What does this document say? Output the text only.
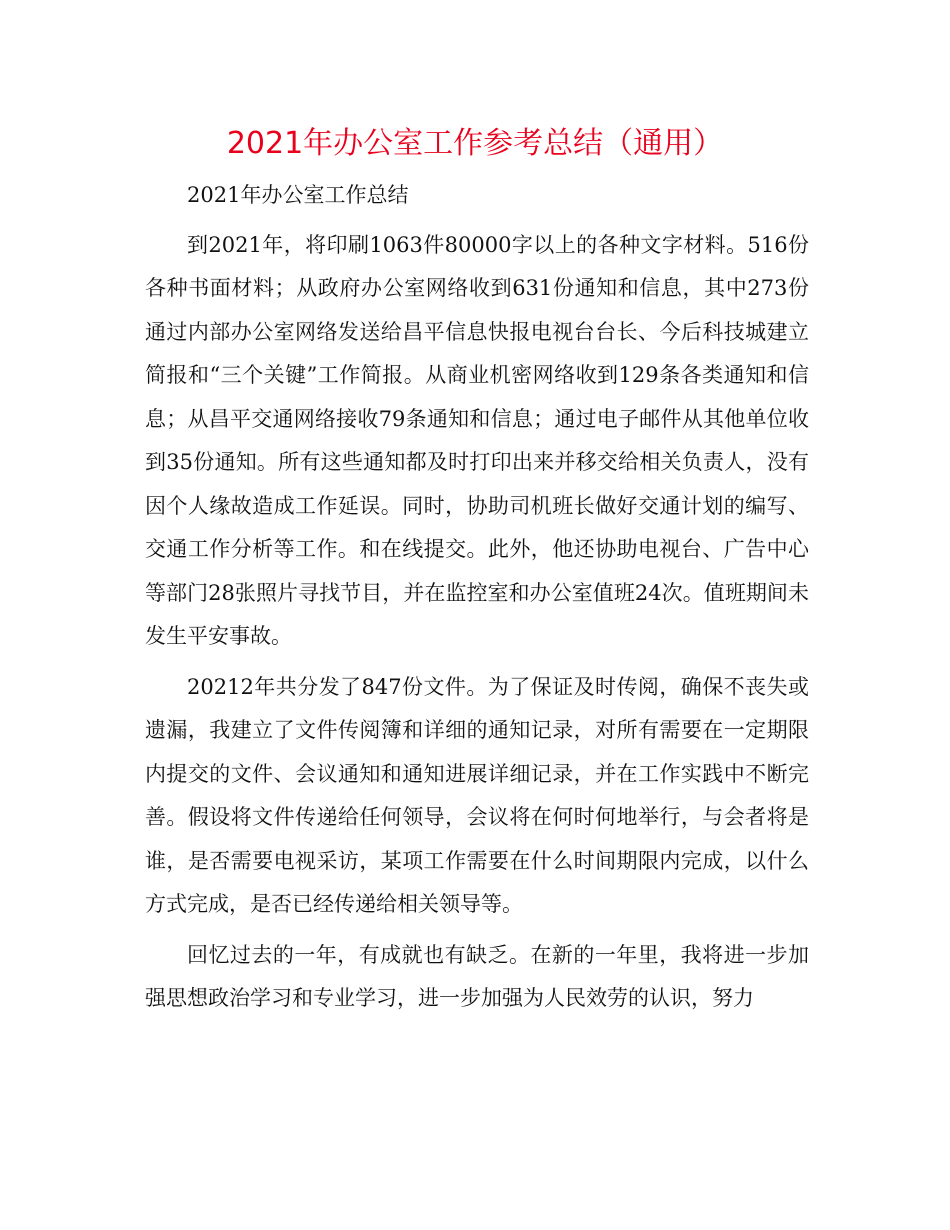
2021年办公室工作参考总结（通用）

2021年办公室工作总结

到2021年，将印刷1063件80000字以上的各种文字材料。516份各种书面材料；从政府办公室网络收到631份通知和信息，其中273份通过内部办公室网络发送给昌平信息快报电视台台长、今后科技城建立简报和“三个关键”工作简报。从商业机密网络收到129条各类通知和信息；从昌平交通网络接收79条通知和信息；通过电子邮件从其他单位收到35份通知。所有这些通知都及时打印出来并移交给相关负责人，没有因个人缘故造成工作延误。同时，协助司机班长做好交通计划的编写、交通工作分析等工作。和在线提交。此外，他还协助电视台、广告中心等部门28张照片寻找节目，并在监控室和办公室值班24次。值班期间未发生平安事故。

20212年共分发了847份文件。为了保证及时传阅，确保不丧失或遗漏，我建立了文件传阅簿和详细的通知记录，对所有需要在一定期限内提交的文件、会议通知和通知进展详细记录，并在工作实践中不断完善。假设将文件传递给任何领导，会议将在何时何地举行，与会者将是谁，是否需要电视采访，某项工作需要在什么时间期限内完成，以什么方式完成，是否已经传递给相关领导等。

回忆过去的一年，有成就也有缺乏。在新的一年里，我将进一步加强思想政治学习和专业学习，进一步加强为人民效劳的认识，努力
